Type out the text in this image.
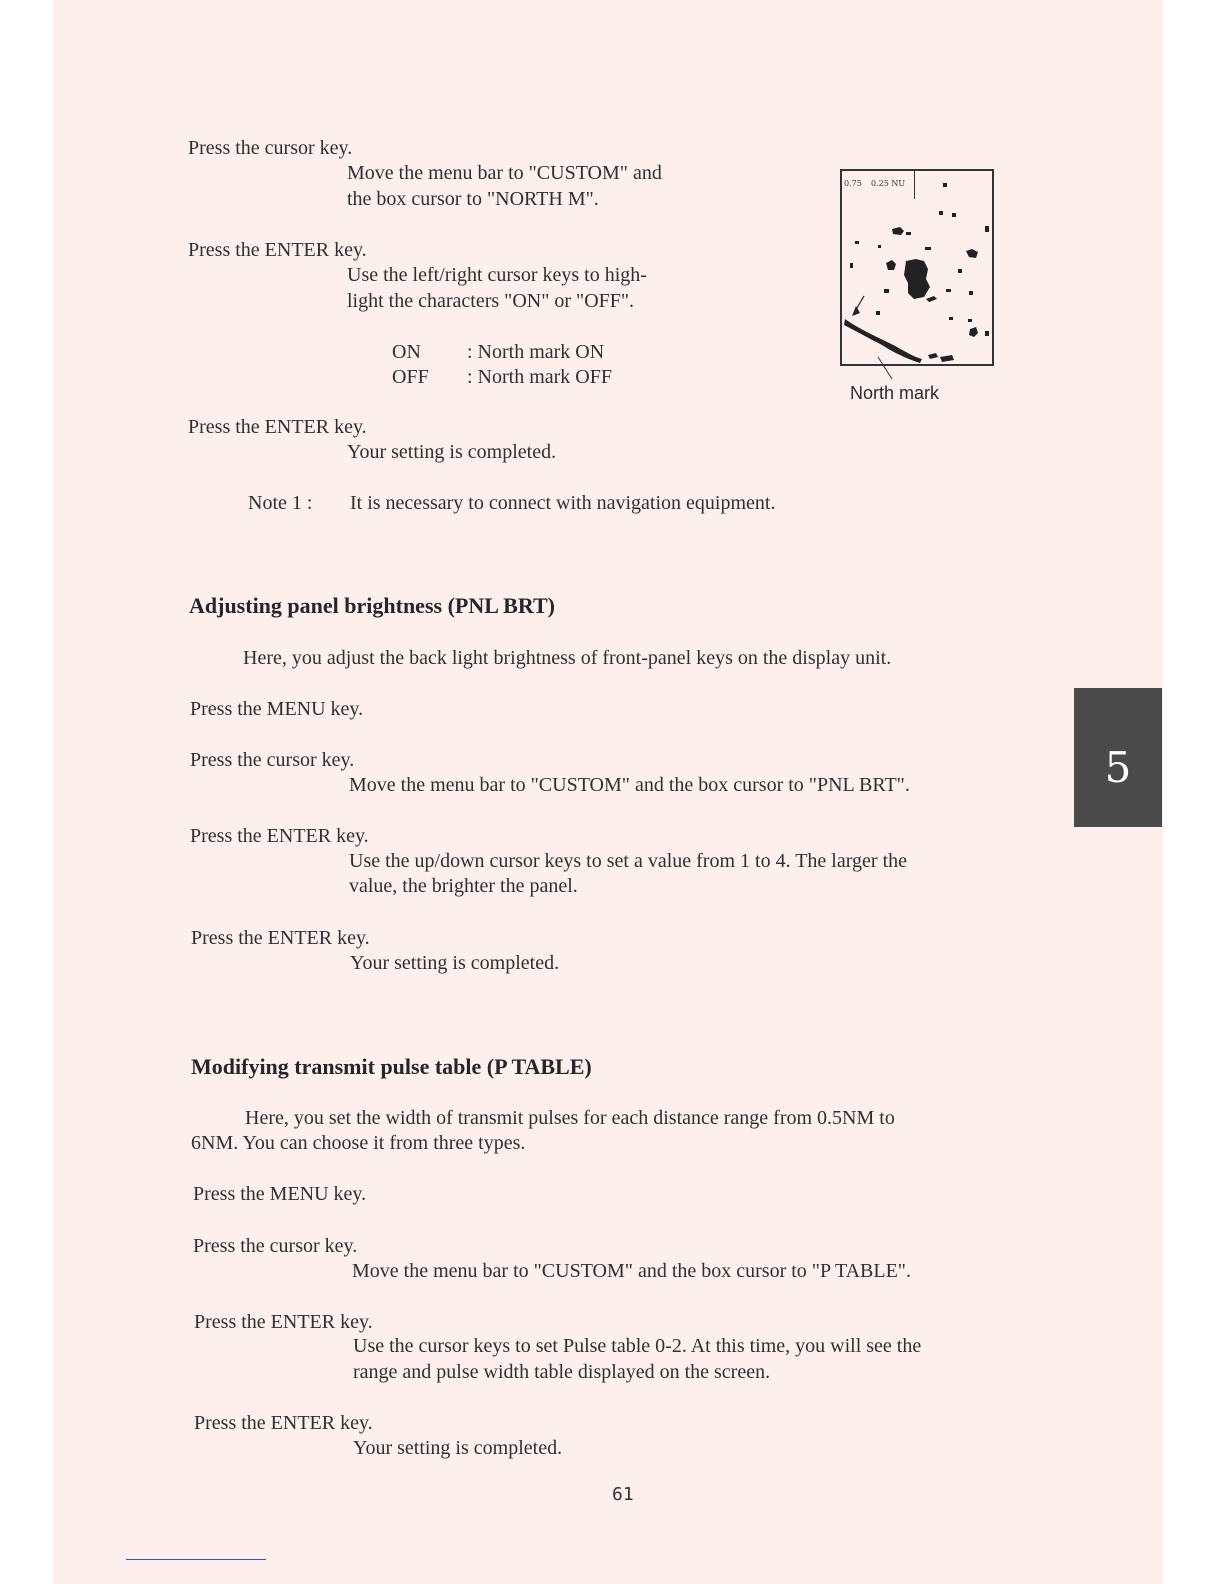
Press the cursor key.
Move the menu bar to "CUSTOM" and
the box cursor to "NORTH M".
Press the ENTER key.
Use the left/right cursor keys to high-
light the characters "ON" or "OFF".
ON : North mark ON
OFF : North mark OFF
Press the ENTER key.
Your setting is completed.
Note 1 : It is necessary to connect with navigation equipment.
0.75 0.25 NU
North mark
Adjusting panel brightness (PNL BRT)
Here, you adjust the back light brightness of front-panel keys on the display unit.
Press the MENU key.
Press the cursor key.
Move the menu bar to "CUSTOM" and the box cursor to "PNL BRT".
Press the ENTER key.
Use the up/down cursor keys to set a value from 1 to 4. The larger the
value, the brighter the panel.
Press the ENTER key.
Your setting is completed.
5
Modifying transmit pulse table (P TABLE)
Here, you set the width of transmit pulses for each distance range from 0.5NM to
6NM. You can choose it from three types.
Press the MENU key.
Press the cursor key.
Move the menu bar to "CUSTOM" and the box cursor to "P TABLE".
Press the ENTER key.
Use the cursor keys to set Pulse table 0-2. At this time, you will see the
range and pulse width table displayed on the screen.
Press the ENTER key.
Your setting is completed.
61
